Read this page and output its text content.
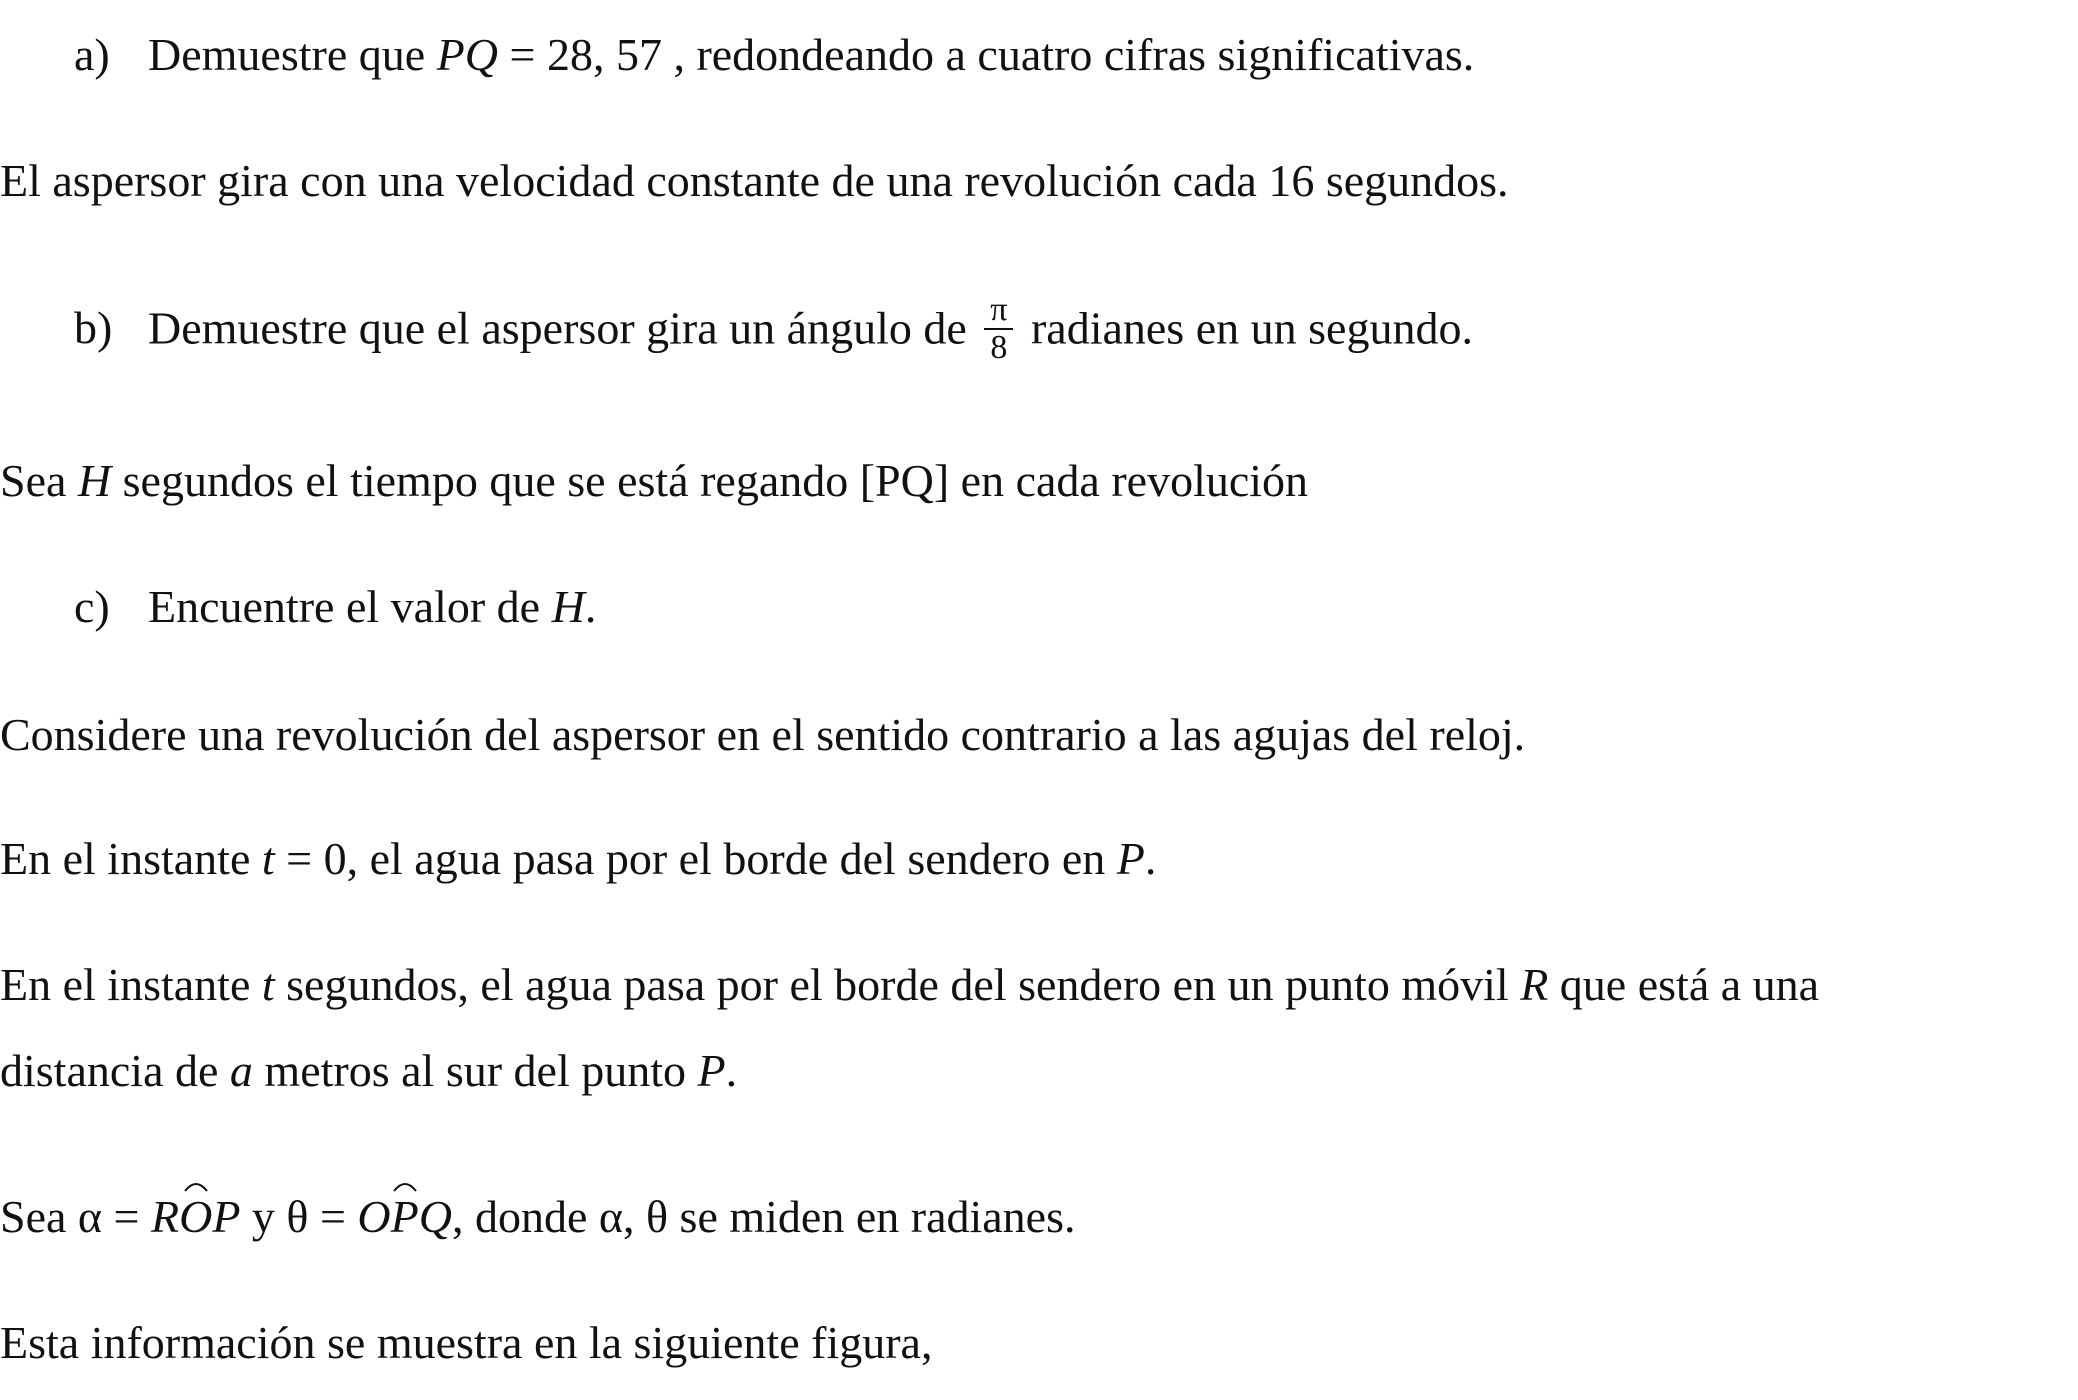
a) Demuestre que PQ = 28, 57 , redondeando a cuatro cifras significativas.
El aspersor gira con una velocidad constante de una revolución cada 16 segundos.
b) Demuestre que el aspersor gira un ángulo de $\frac{\pi}{8}$ radianes en un segundo.
Sea H segundos el tiempo que se está regando [PQ] en cada revolución
c) Encuentre el valor de H.
Considere una revolución del aspersor en el sentido contrario a las agujas del reloj.
En el instante t = 0, el agua pasa por el borde del sendero en P.
En el instante t segundos, el agua pasa por el borde del sendero en un punto móvil R que está a una
distancia de a metros al sur del punto P.
Sea α = R
OP y θ = O
PQ, donde α, θ se miden en radianes.
Esta información se muestra en la siguiente figura,
